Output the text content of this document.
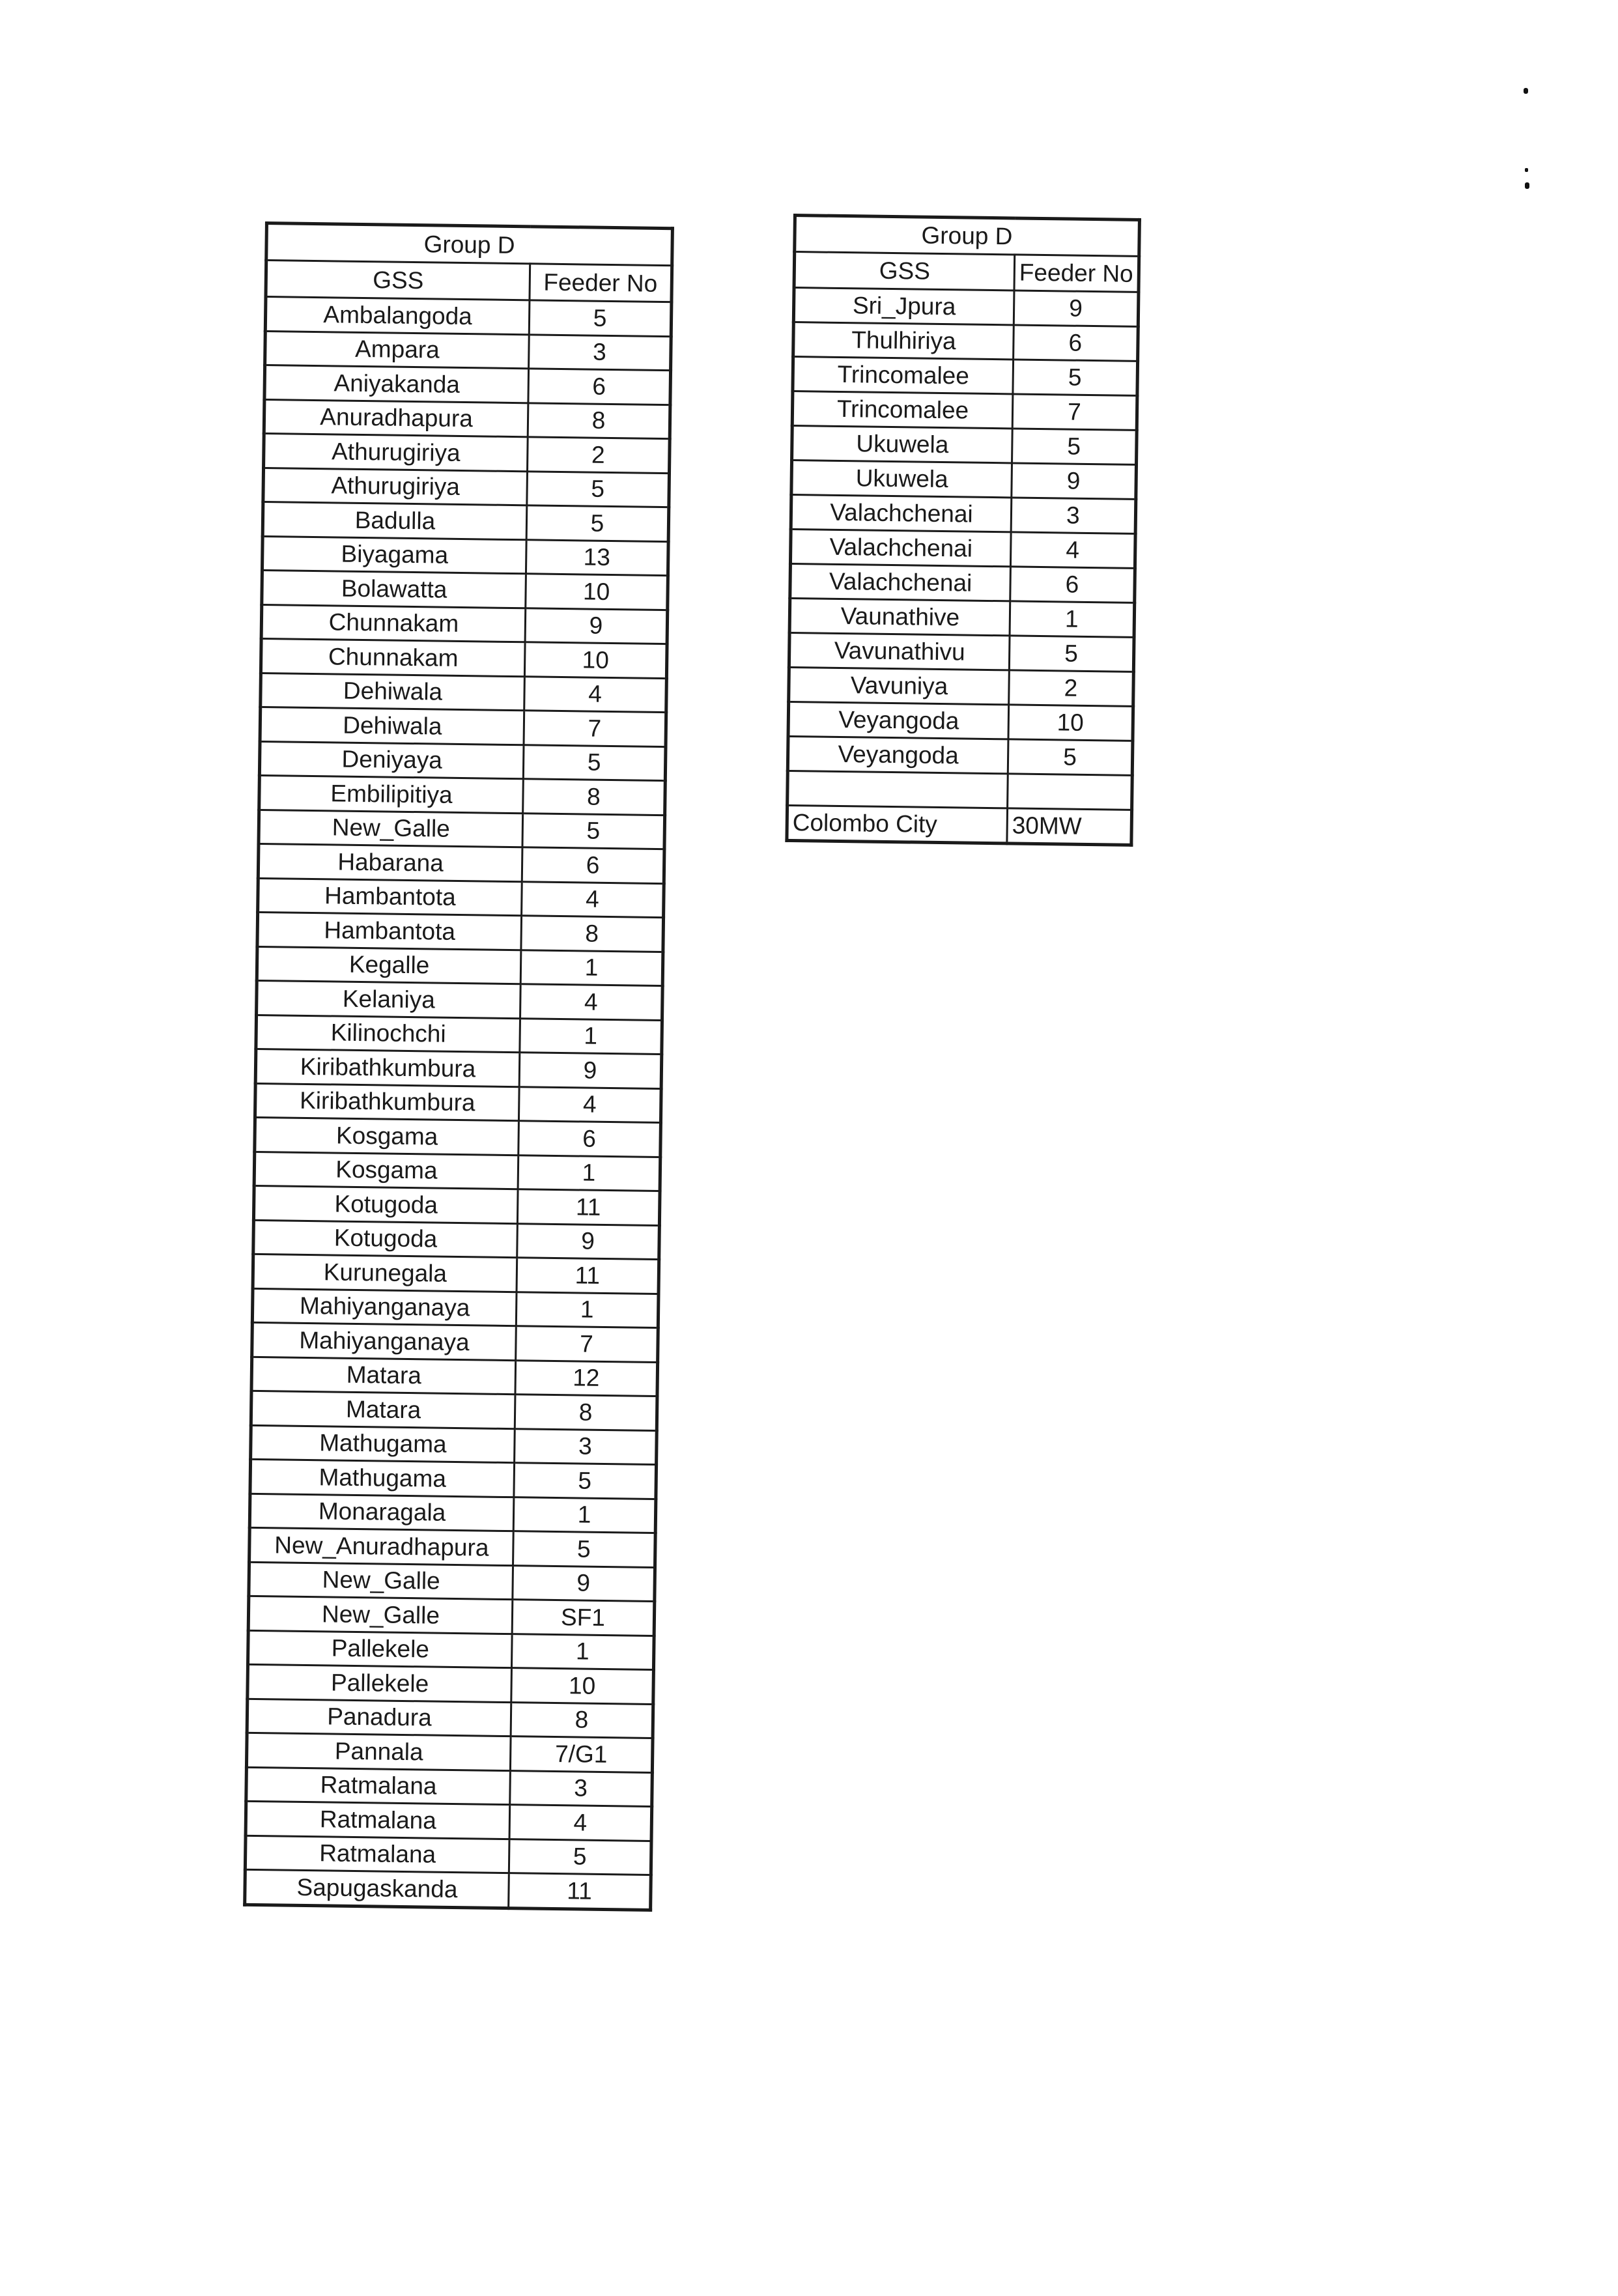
Group D	
GSS	Feeder No
Ambalangoda	5
Ampara	3
Aniyakanda	6
Anuradhapura	8
Athurugiriya	2
Athurugiriya	5
Badulla	5
Biyagama	13
Bolawatta	10
Chunnakam	9
Chunnakam	10
Dehiwala	4
Dehiwala	7
Deniyaya	5
Embilipitiya	8
New_Galle	5
Habarana	6
Hambantota	4
Hambantota	8
Kegalle	1
Kelaniya	4
Kilinochchi	1
Kiribathkumbura	9
Kiribathkumbura	4
Kosgama	6
Kosgama	1
Kotugoda	11
Kotugoda	9
Kurunegala	11
Mahiyanganaya	1
Mahiyanganaya	7
Matara	12
Matara	8
Mathugama	3
Mathugama	5
Monaragala	1
New_Anuradhapura	5
New_Galle	9
New_Galle	SF1
Pallekele	1
Pallekele	10
Panadura	8
Pannala	7/G1
Ratmalana	3
Ratmalana	4
Ratmalana	5
Sapugaskanda	11
Group D	
GSS	Feeder No
Sri_Jpura	9
Thulhiriya	6
Trincomalee	5
Trincomalee	7
Ukuwela	5
Ukuwela	9
Valachchenai	3
Valachchenai	4
Valachchenai	6
Vaunathive	1
Vavunathivu	5
Vavuniya	2
Veyangoda	10
Veyangoda	5

Colombo City	30MW
